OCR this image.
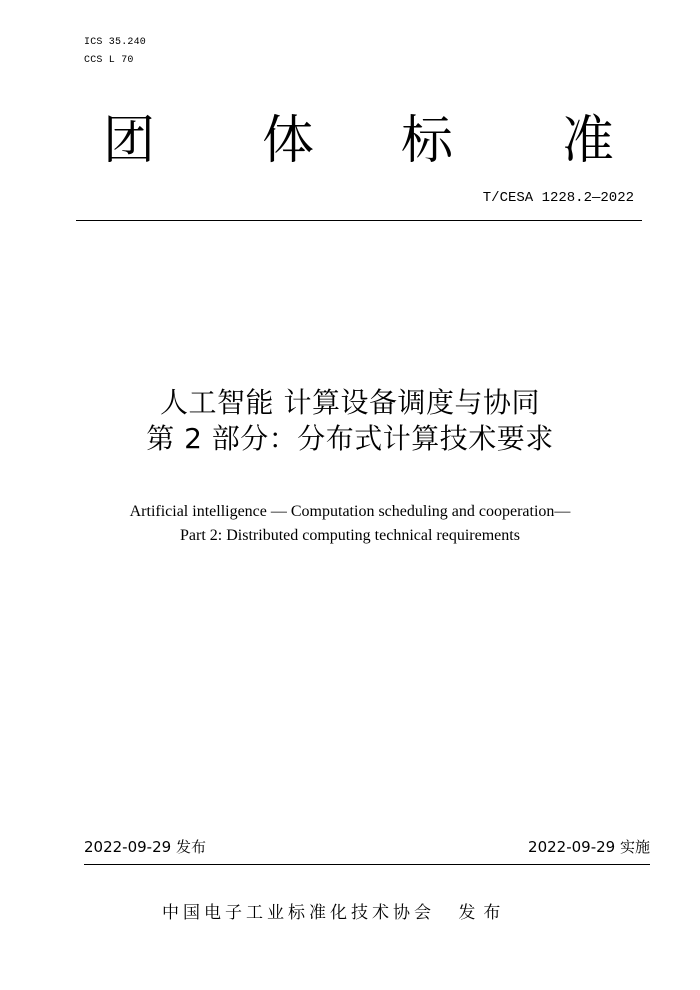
ICS 35.240
CCS L 70
团 体 标 准
T/CESA 1228.2—2022
人工智能 计算设备调度与协同
第 2 部分：分布式计算技术要求
Artificial intelligence — Computation scheduling and cooperation—
Part 2: Distributed computing technical requirements
2022-09-29 发布	2022-09-29 实施
中国电子工业标准化技术协会 发布
